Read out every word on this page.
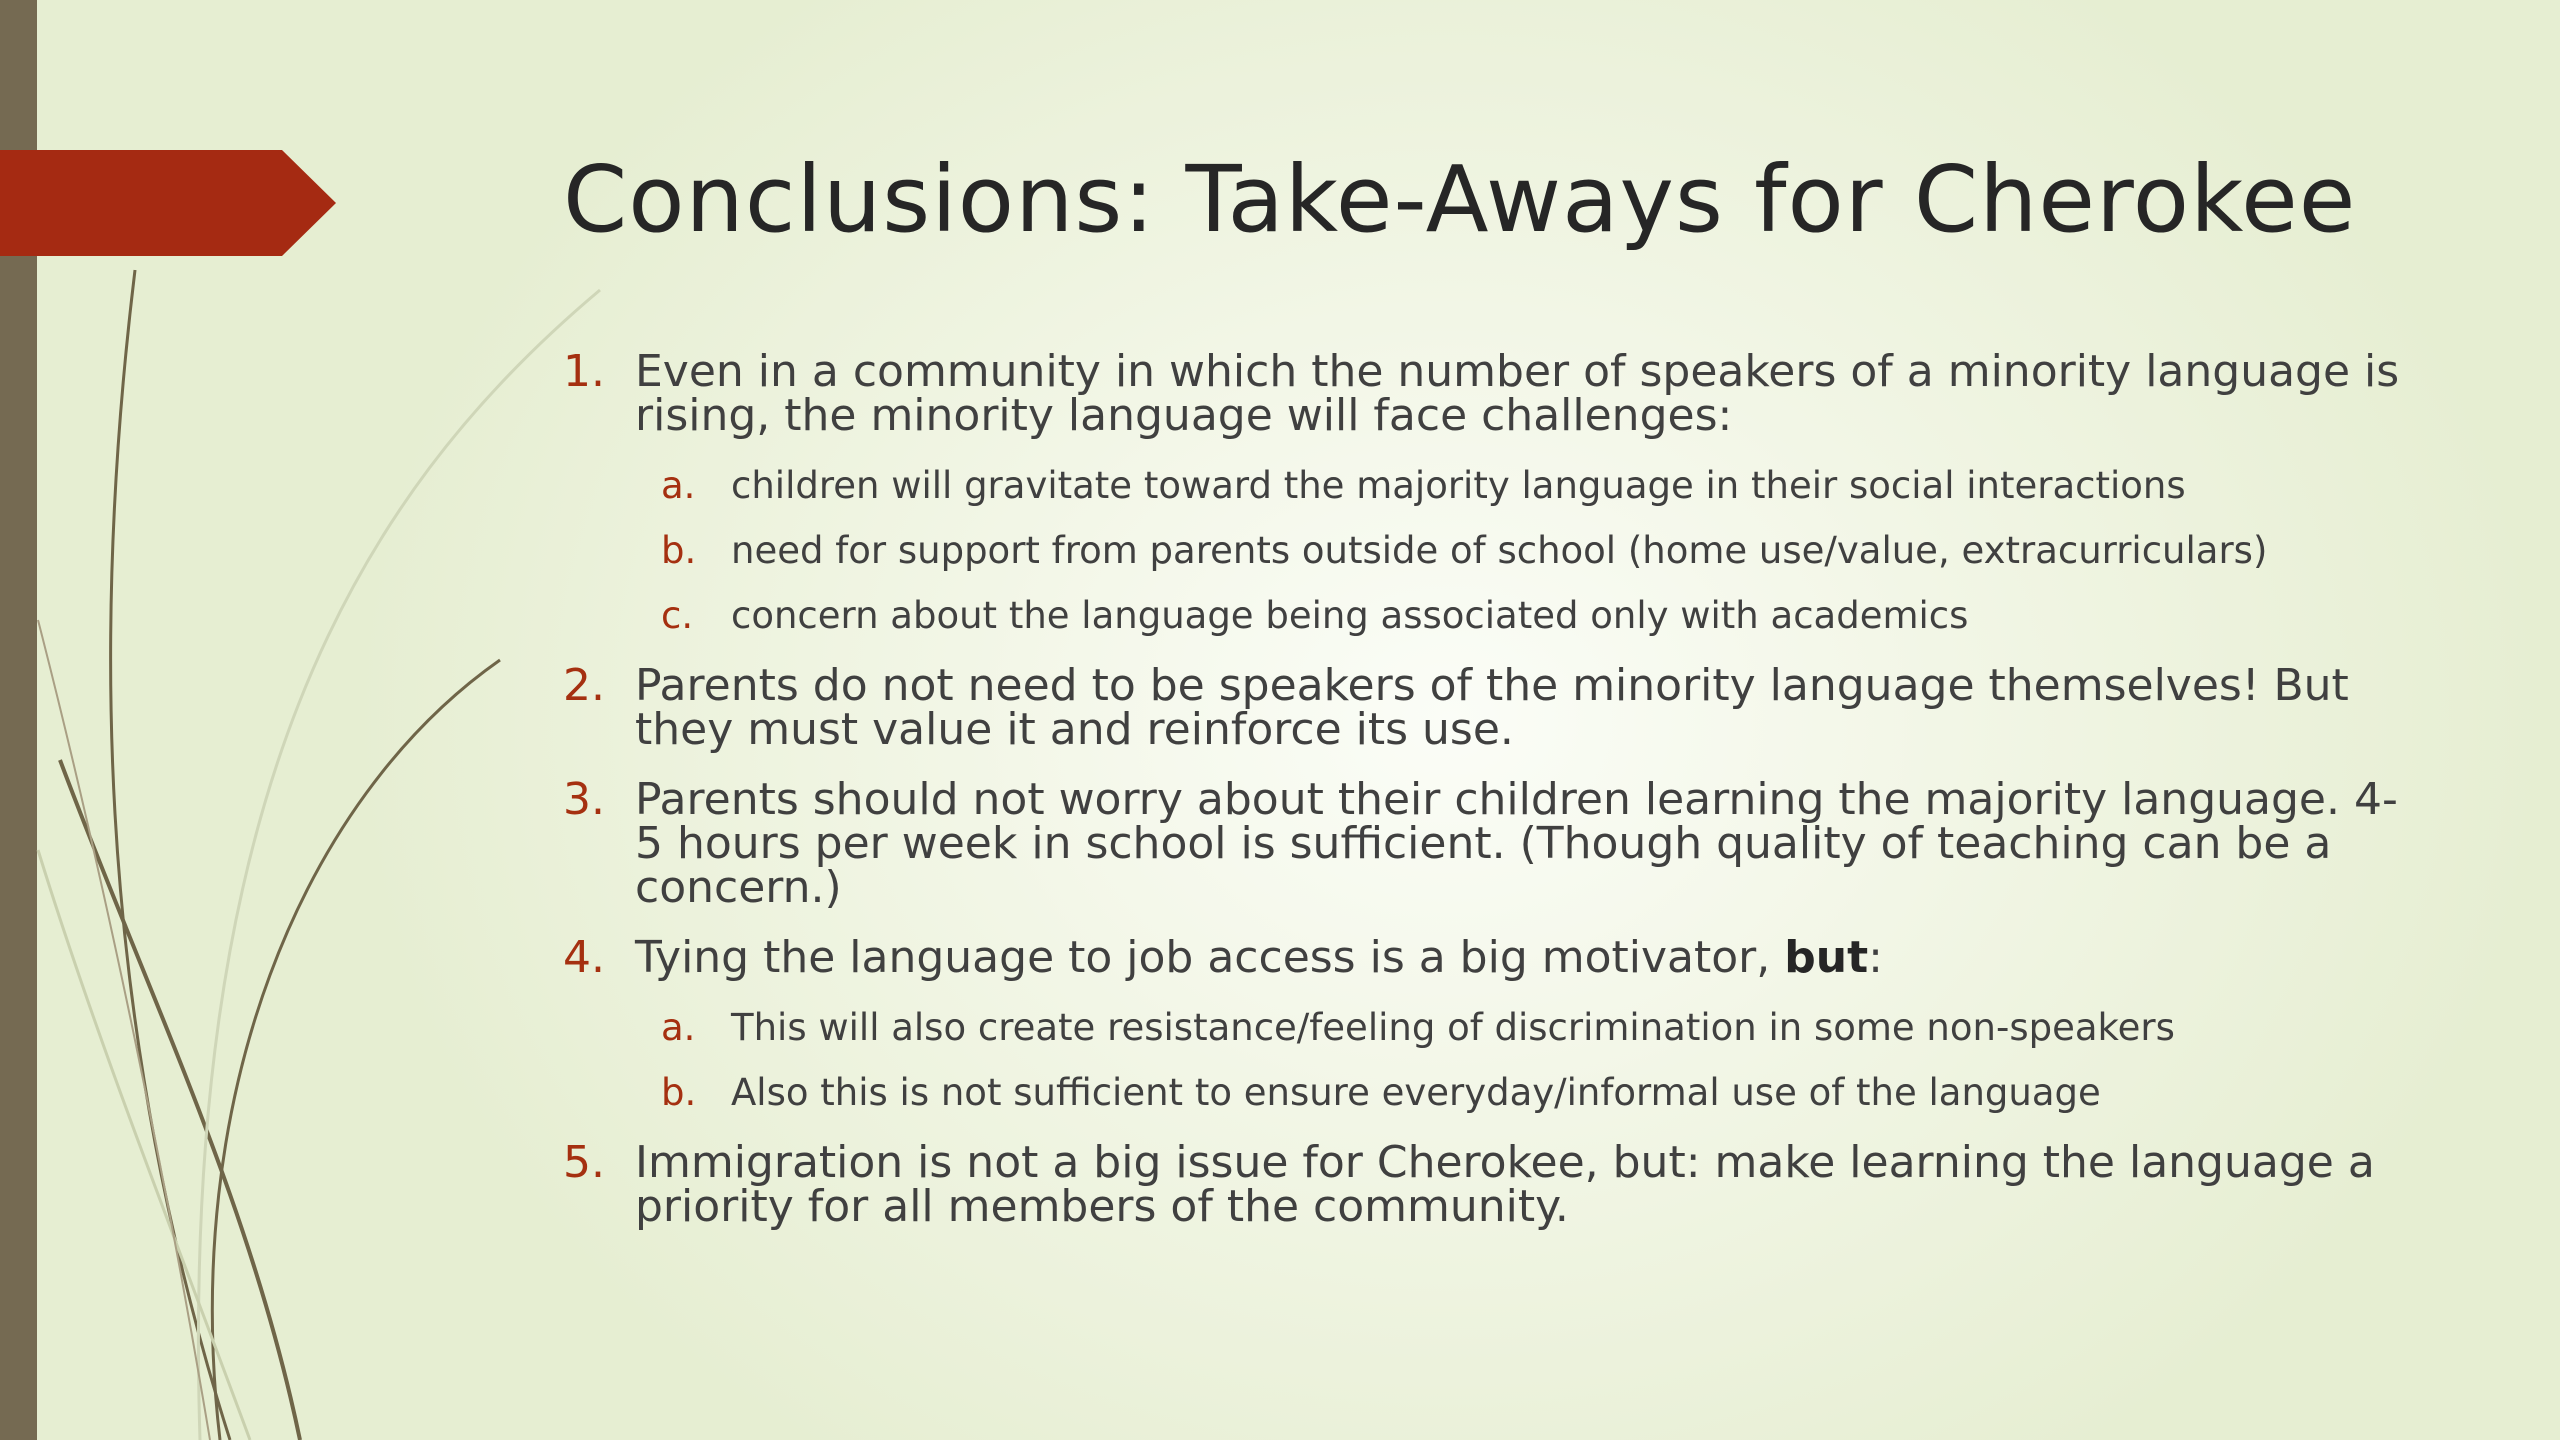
Conclusions: Take-Aways for Cherokee
1. Even in a community in which the number of speakers of a minority language is rising, the minority language will face challenges:
a. children will gravitate toward the majority language in their social interactions
b. need for support from parents outside of school (home use/value, extracurriculars)
c. concern about the language being associated only with academics
2. Parents do not need to be speakers of the minority language themselves! But they must value it and reinforce its use.
3. Parents should not worry about their children learning the majority language. 4-5 hours per week in school is sufficient. (Though quality of teaching can be a concern.)
4. Tying the language to job access is a big motivator, but:
a. This will also create resistance/feeling of discrimination in some non-speakers
b. Also this is not sufficient to ensure everyday/informal use of the language
5. Immigration is not a big issue for Cherokee, but: make learning the language a priority for all members of the community.
